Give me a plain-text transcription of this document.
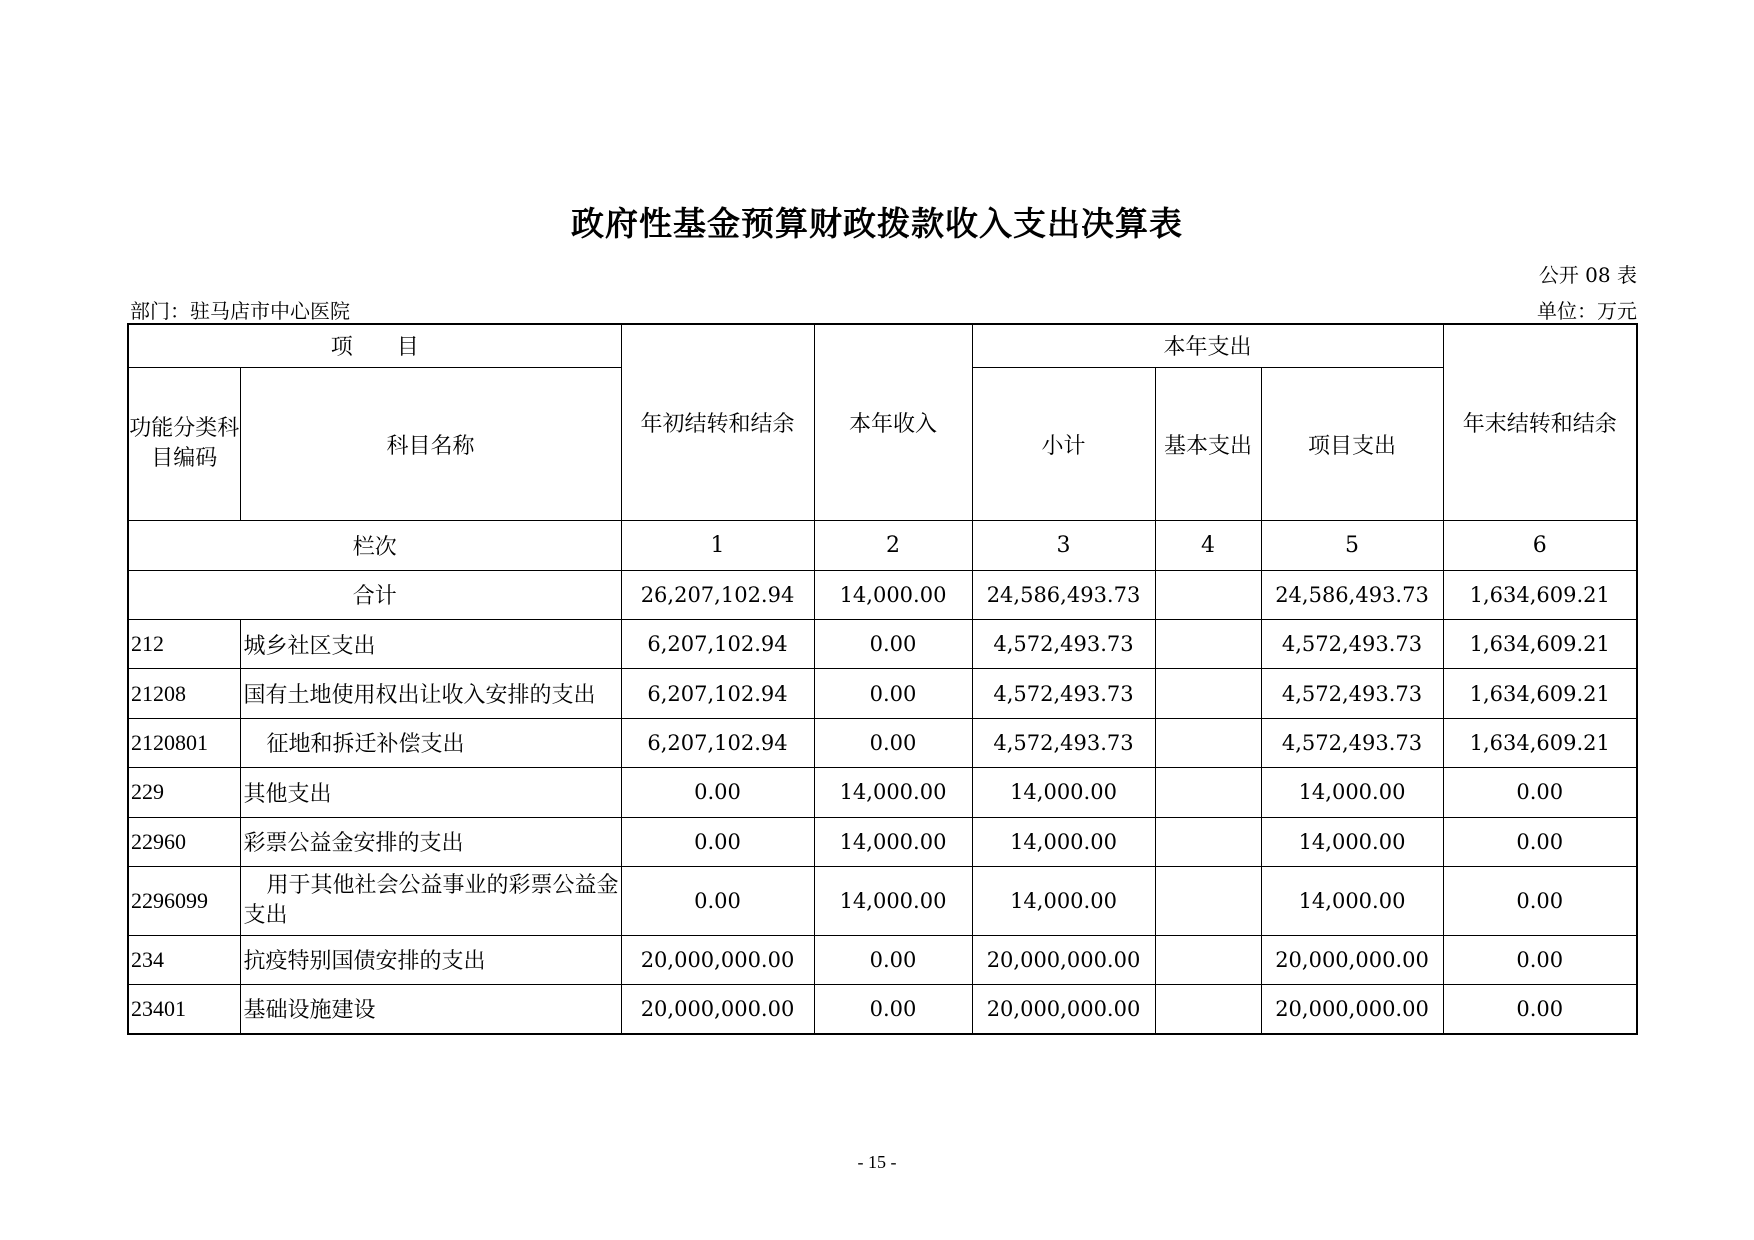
政府性基金预算财政拨款收入支出决算表
公开 08 表
部门：驻马店市中心医院	单位：万元
项　　目		年初结转和结余	本年收入	本年支出			年末结转和结余
功能分类科目编码	科目名称			小计	基本支出	项目支出	
栏次		1	2	3	4	5	6
合计		26,207,102.94	14,000.00	24,586,493.73		24,586,493.73	1,634,609.21
212	城乡社区支出	6,207,102.94	0.00	4,572,493.73		4,572,493.73	1,634,609.21
21208	国有土地使用权出让收入安排的支出	6,207,102.94	0.00	4,572,493.73		4,572,493.73	1,634,609.21
2120801	征地和拆迁补偿支出	6,207,102.94	0.00	4,572,493.73		4,572,493.73	1,634,609.21
229	其他支出	0.00	14,000.00	14,000.00		14,000.00	0.00
22960	彩票公益金安排的支出	0.00	14,000.00	14,000.00		14,000.00	0.00
2296099	用于其他社会公益事业的彩票公益金支出	0.00	14,000.00	14,000.00		14,000.00	0.00
234	抗疫特别国债安排的支出	20,000,000.00	0.00	20,000,000.00		20,000,000.00	0.00
23401	基础设施建设	20,000,000.00	0.00	20,000,000.00		20,000,000.00	0.00
- 15 -
